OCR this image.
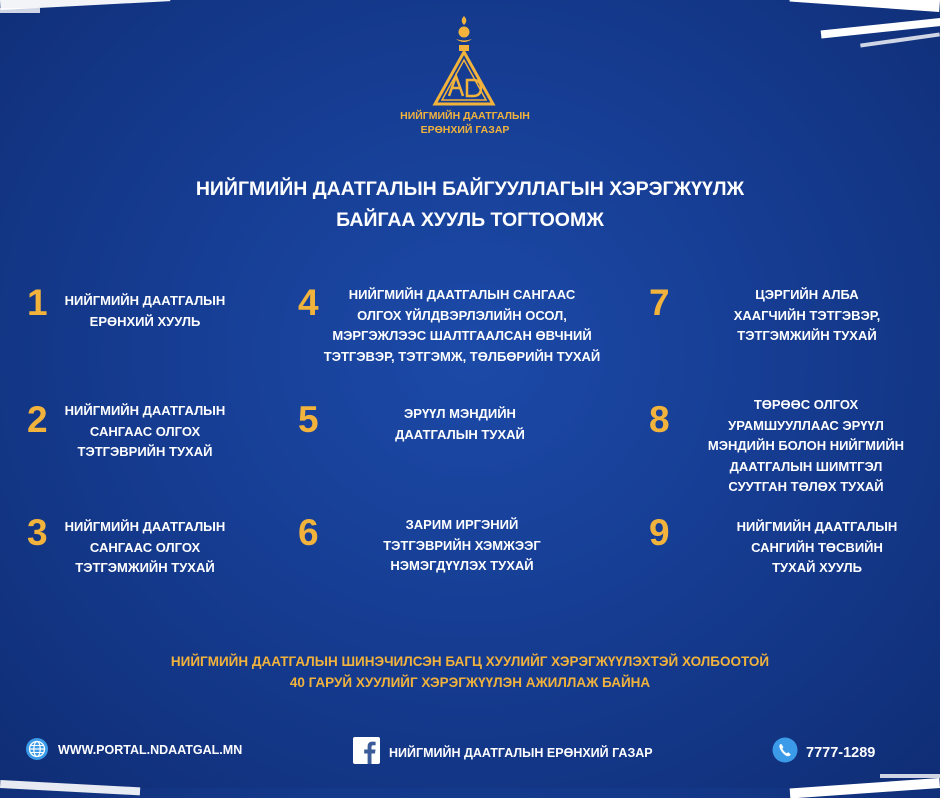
НИЙГМИЙН ДААТГАЛЫН
ЕРӨНХИЙ ГАЗАР
НИЙГМИЙН ДААТГАЛЫН БАЙГУУЛЛАГЫН ХЭРЭГЖҮҮЛЖ
БАЙГАА ХУУЛЬ ТОГТООМЖ
1	НИЙГМИЙН ДААТГАЛЫН
ЕРӨНХИЙ ХУУЛЬ
2	НИЙГМИЙН ДААТГАЛЫН
САНГААС ОЛГОХ
ТЭТГЭВРИЙН ТУХАЙ
3	НИЙГМИЙН ДААТГАЛЫН
САНГААС ОЛГОХ
ТЭТГЭМЖИЙН ТУХАЙ
4	НИЙГМИЙН ДААТГАЛЫН САНГААС
ОЛГОХ ҮЙЛДВЭРЛЭЛИЙН ОСОЛ,
МЭРГЭЖЛЭЭС ШАЛТГААЛСАН ӨВЧНИЙ
ТЭТГЭВЭР, ТЭТГЭМЖ, ТӨЛБӨРИЙН ТУХАЙ
5	ЭРҮҮЛ МЭНДИЙН
ДААТГАЛЫН ТУХАЙ
6	ЗАРИМ ИРГЭНИЙ
ТЭТГЭВРИЙН ХЭМЖЭЭГ
НЭМЭГДҮҮЛЭХ ТУХАЙ
7	ЦЭРГИЙН АЛБА
ХААГЧИЙН ТЭТГЭВЭР,
ТЭТГЭМЖИЙН ТУХАЙ
8	ТӨРӨӨС ОЛГОХ
УРАМШУУЛЛААС ЭРҮҮЛ
МЭНДИЙН БОЛОН НИЙГМИЙН
ДААТГАЛЫН ШИМТГЭЛ
СУУТГАН ТӨЛӨХ ТУХАЙ
9	НИЙГМИЙН ДААТГАЛЫН
САНГИЙН ТӨСВИЙН
ТУХАЙ ХУУЛЬ
НИЙГМИЙН ДААТГАЛЫН ШИНЭЧИЛСЭН БАГЦ ХУУЛИЙГ ХЭРЭГЖҮҮЛЭХТЭЙ ХОЛБООТОЙ
40 ГАРУЙ ХУУЛИЙГ ХЭРЭГЖҮҮЛЭН АЖИЛЛАЖ БАЙНА
WWW.PORTAL.NDAATGAL.MN	НИЙГМИЙН ДААТГАЛЫН ЕРӨНХИЙ ГАЗАР	7777-1289
